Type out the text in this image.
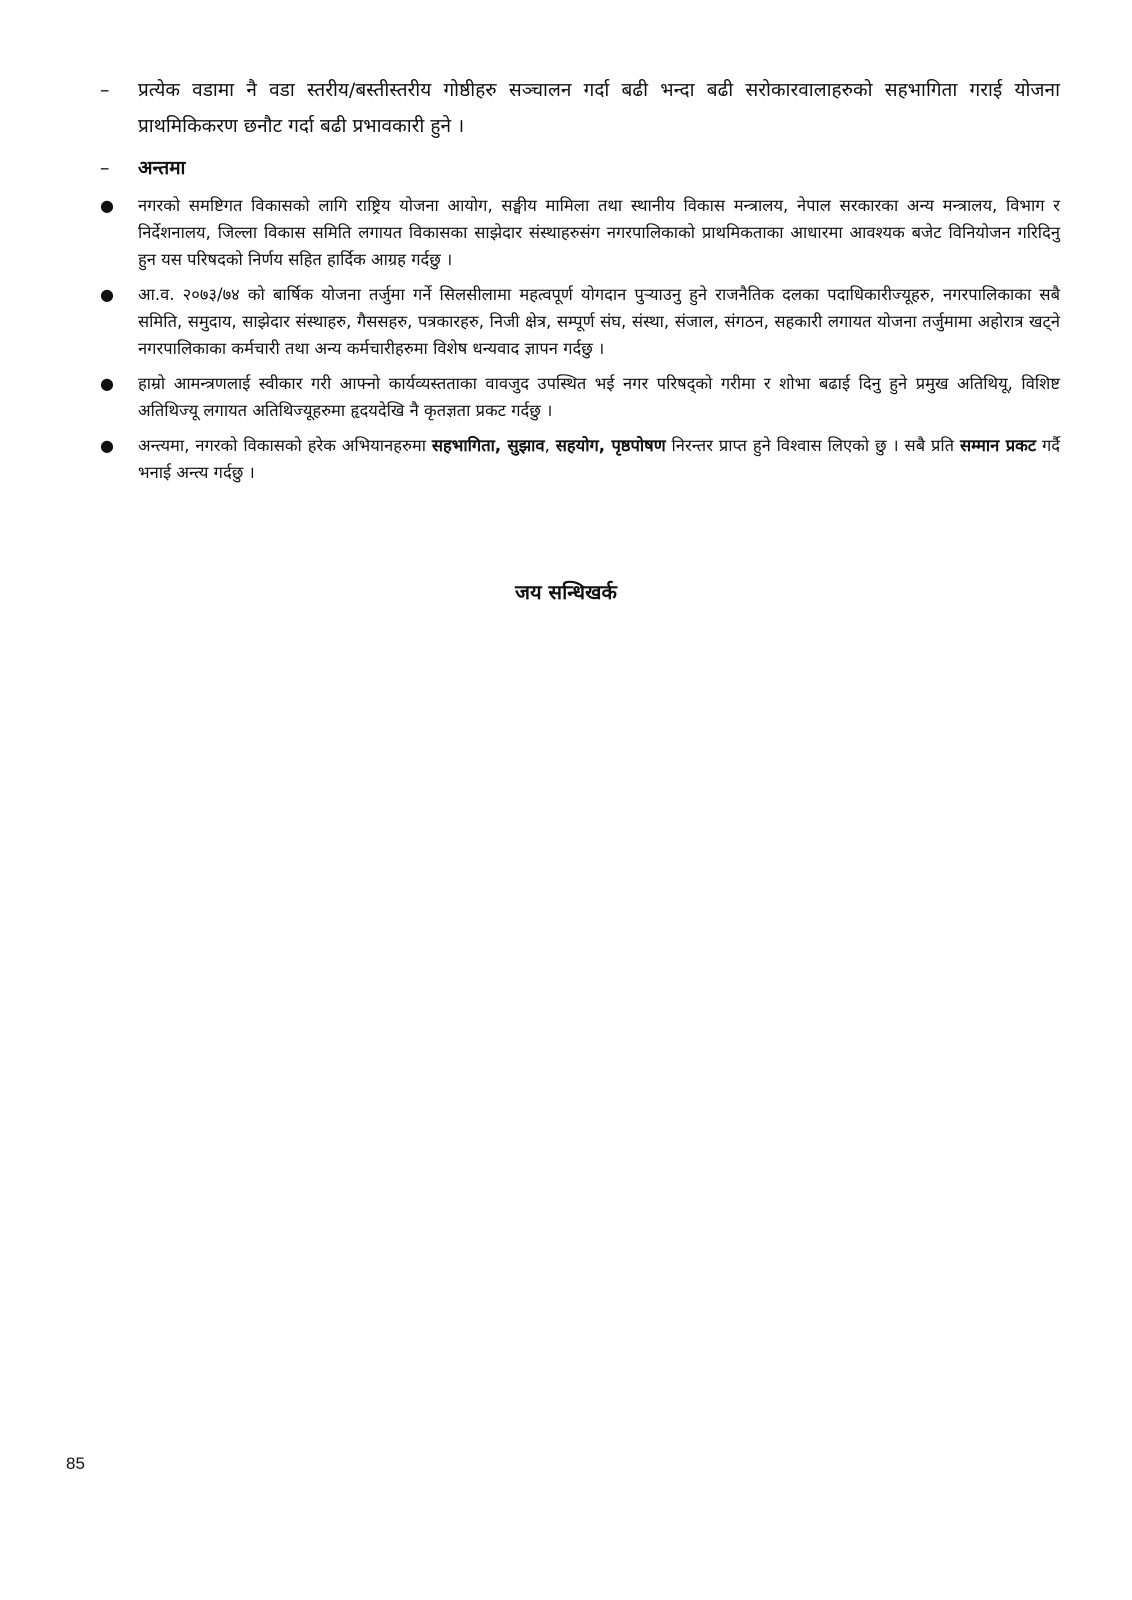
–	प्रत्येक वडामा नै वडा स्तरीय/बस्तीस्तरीय गोष्ठीहरु सञ्चालन गर्दा बढी भन्दा बढी सरोकारवालाहरुको सहभागिता गराई योजना प्राथमिकिकरण छनौट गर्दा बढी प्रभावकारी हुने ।
–	अन्तमा
●	नगरको समष्टिगत विकासको लागि राष्ट्रिय योजना आयोग, सङ्घीय मामिला तथा स्थानीय विकास मन्त्रालय, नेपाल सरकारका अन्य मन्त्रालय, विभाग र निर्देशनालय, जिल्ला विकास समिति लगायत विकासका साझेदार संस्थाहरुसंग नगरपालिकाको प्राथमिकताका आधारमा आवश्यक बजेट विनियोजन गरिदिनु हुन यस परिषदको निर्णय सहित हार्दिक आग्रह गर्दछु ।
●	आ.व. २०७३/७४ को बार्षिक योजना तर्जुमा गर्ने सिलसीलामा महत्वपूर्ण योगदान पुर्‍याउनु हुने राजनैतिक दलका पदाधिकारीज्यूहरु, नगरपालिकाका सबै समिति, समुदाय, साझेदार संस्थाहरु, गैससहरु, पत्रकारहरु, निजी क्षेत्र, सम्पूर्ण संघ, संस्था, संजाल, संगठन, सहकारी लगायत योजना तर्जुमामा अहोरात्र खट्ने नगरपालिकाका कर्मचारी तथा अन्य कर्मचारीहरुमा विशेष धन्यवाद ज्ञापन गर्दछु ।
●	हाम्रो आमन्त्रणलाई स्वीकार गरी आफ्नो कार्यव्यस्तताका वावजुद उपस्थित भई नगर परिषद्को गरीमा र शोभा बढाई दिनु हुने प्रमुख अतिथियू, विशिष्ट अतिथिज्यू लगायत अतिथिज्यूहरुमा हृदयदेखि नै कृतज्ञता प्रकट गर्दछु ।
●	अन्त्यमा, नगरको विकासको हरेक अभियानहरुमा सहभागिता, सुझाव, सहयोग, पृष्ठपोषण निरन्तर प्राप्त हुने विश्वास लिएको छु । सबै प्रति सम्मान प्रकट गर्दै भनाई अन्त्य गर्दछु ।
जय सन्धिखर्क
85
